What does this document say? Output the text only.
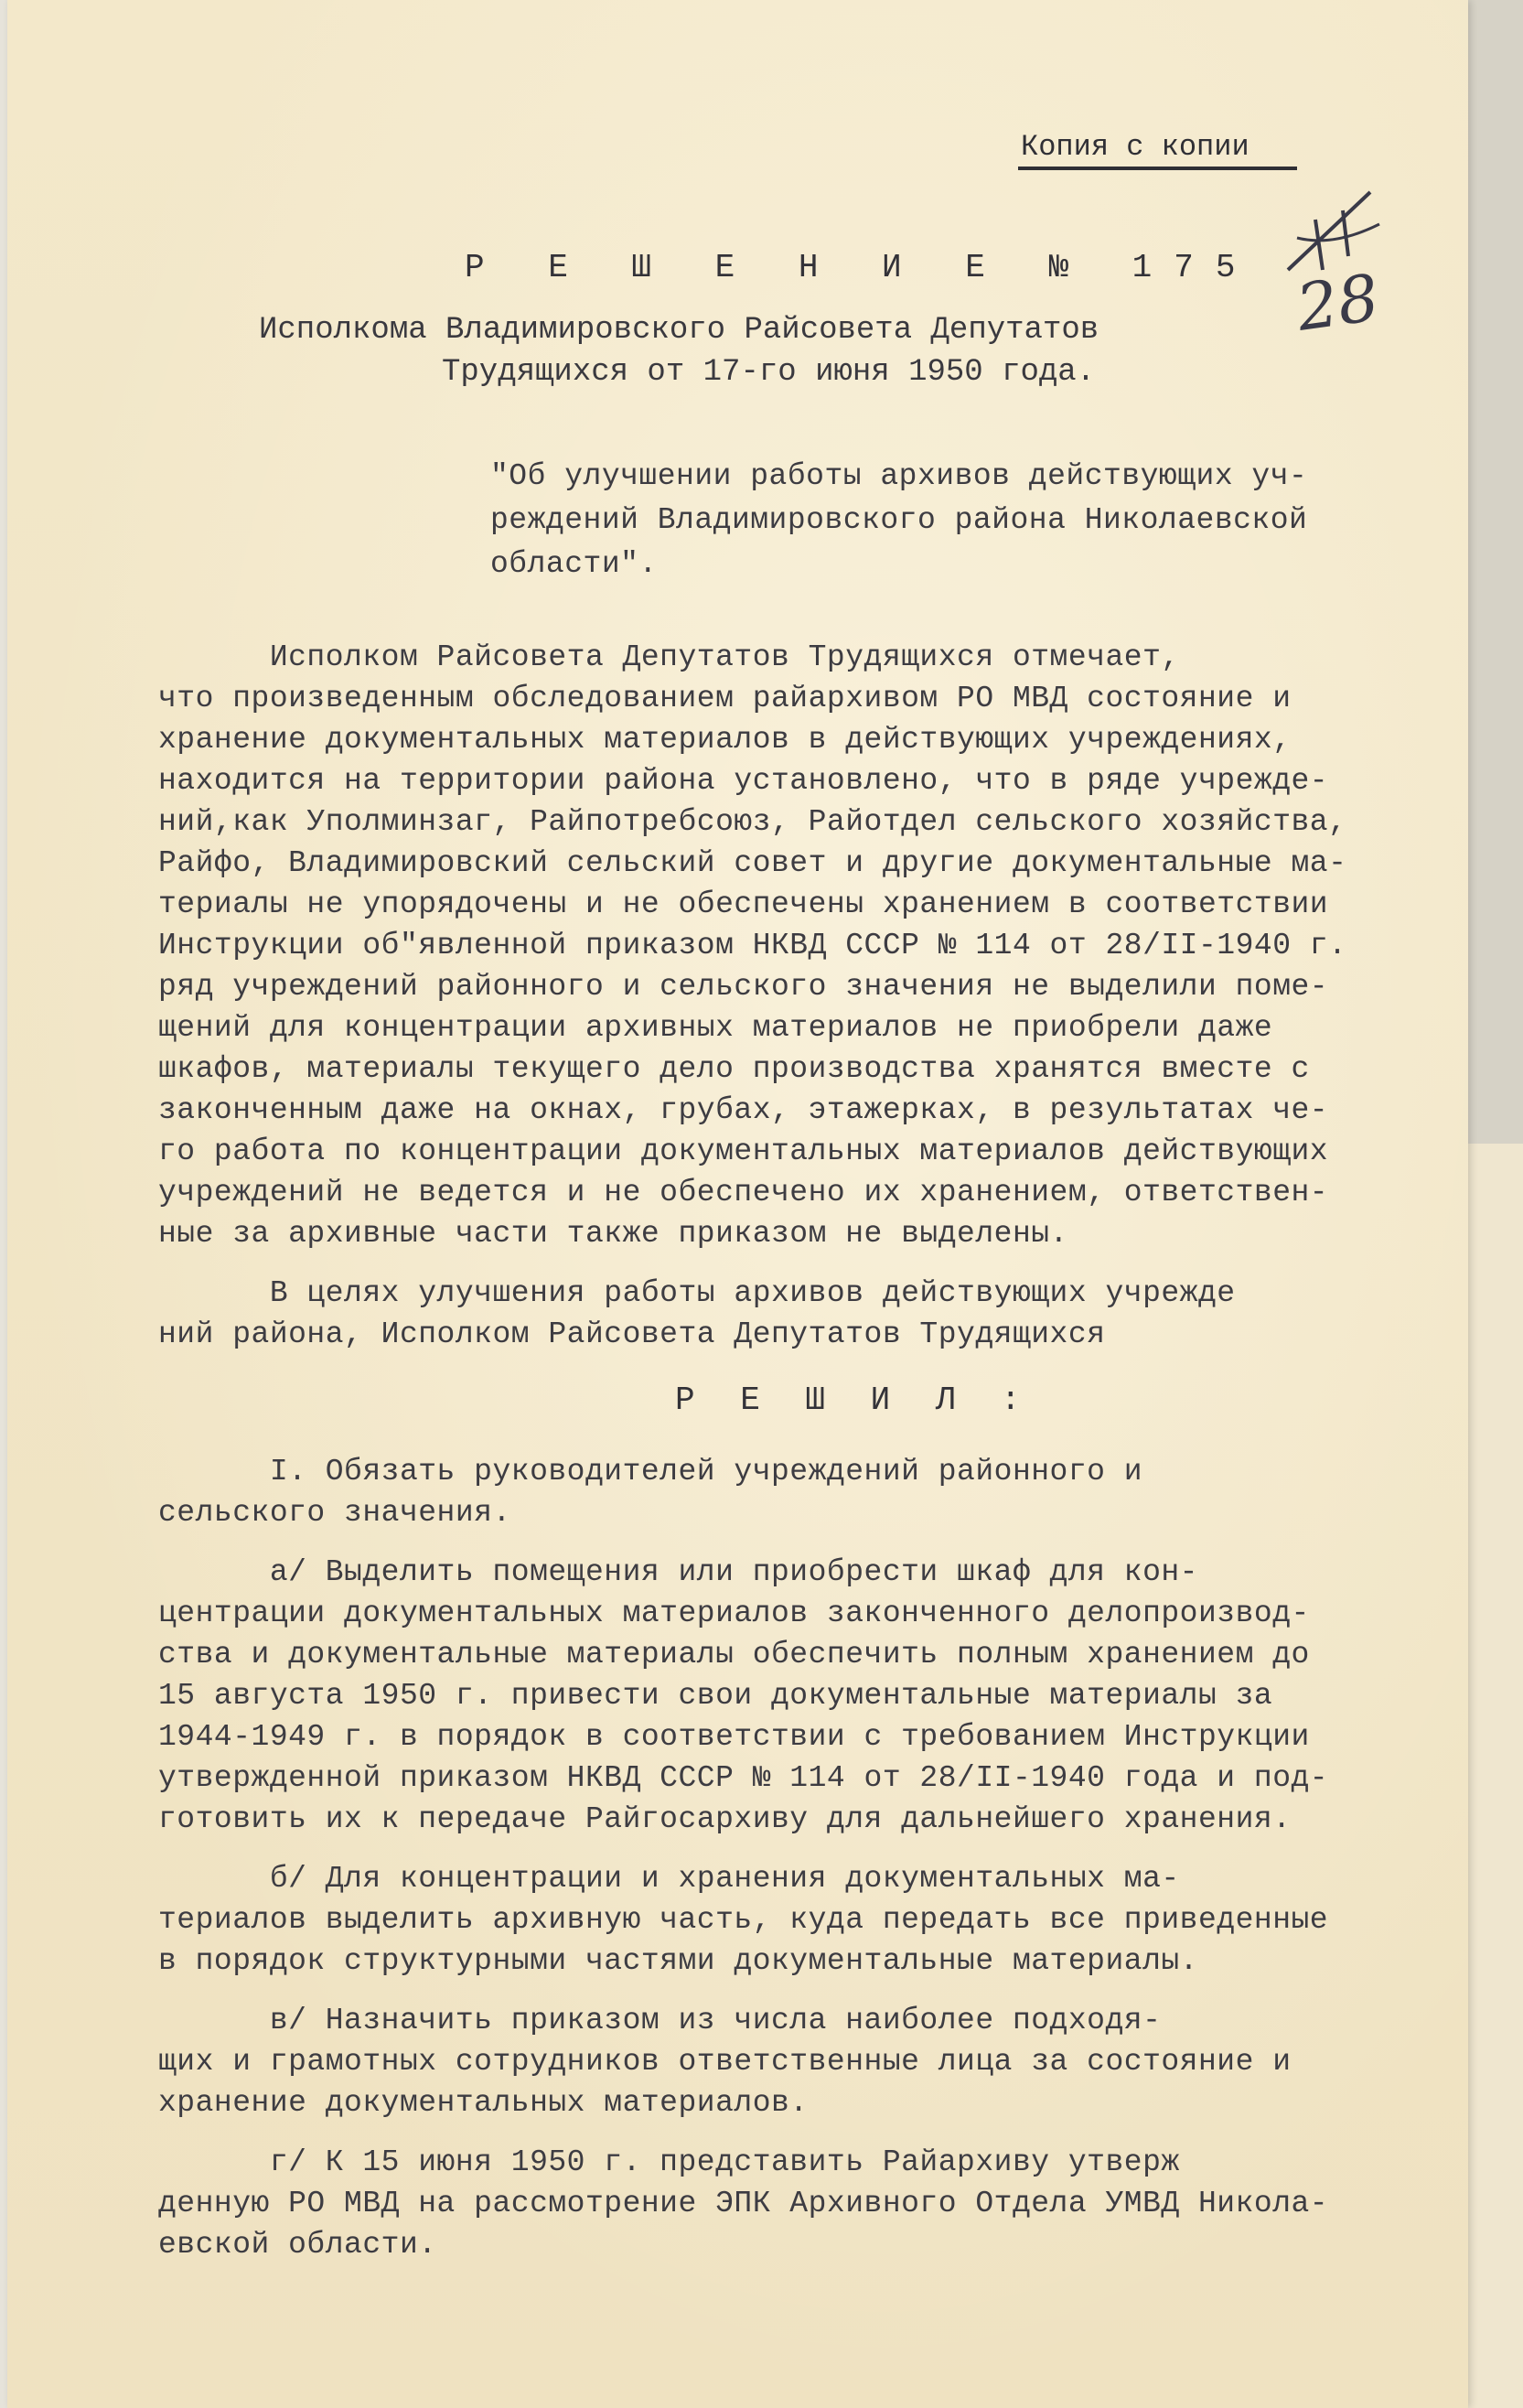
Копия с копии
28
Р Е Ш Е Н И Е № 175
Исполкома Владимировского Райсовета Депутатов
Трудящихся от 17-го июня 1950 года.
"Об улучшении работы архивов действующих уч-
реждений Владимировского района Николаевской
области".
Исполком Райсовета Депутатов Трудящихся отмечает,
что произведенным обследованием райархивом РО МВД состояние и
хранение документальных материалов в действующих учреждениях,
находится на территории района установлено, что в ряде учрежде-
ний,как Уполминзаг, Райпотребсоюз, Райотдел сельского хозяйства,
Райфо, Владимировский сельский совет и другие документальные ма-
териалы не упорядочены и не обеспечены хранением в соответствии
Инструкции об"явленной приказом НКВД СССР № 114 от 28/II-1940 г.
ряд учреждений районного и сельского значения не выделили поме-
щений для концентрации архивных материалов не приобрели даже
шкафов, материалы текущего дело производства хранятся вместе с
законченным даже на окнах, грубах, этажерках, в результатах че-
го работа по концентрации документальных материалов действующих
учреждений не ведется и не обеспечено их хранением, ответствен-
ные за архивные части также приказом не выделены.
В целях улучшения работы архивов действующих учрежде
ний района, Исполком Райсовета Депутатов Трудящихся
Р Е Ш И Л :
I. Обязать руководителей учреждений районного и
сельского значения.
а/ Выделить помещения или приобрести шкаф для кон-
центрации документальных материалов законченного делопроизвод-
ства и документальные материалы обеспечить полным хранением до
15 августа 1950 г. привести свои документальные материалы за
1944-1949 г. в порядок в соответствии с требованием Инструкции
утвержденной приказом НКВД СССР № 114 от 28/II-1940 года и под-
готовить их к передаче Райгосархиву для дальнейшего хранения.
б/ Для концентрации и хранения документальных ма-
териалов выделить архивную часть, куда передать все приведенные
в порядок структурными частями документальные материалы.
в/ Назначить приказом из числа наиболее подходя-
щих и грамотных сотрудников ответственные лица за состояние и
хранение документальных материалов.
г/ К 15 июня 1950 г. представить Райархиву утверж
денную РО МВД на рассмотрение ЭПК Архивного Отдела УМВД Никола-
евской области.
